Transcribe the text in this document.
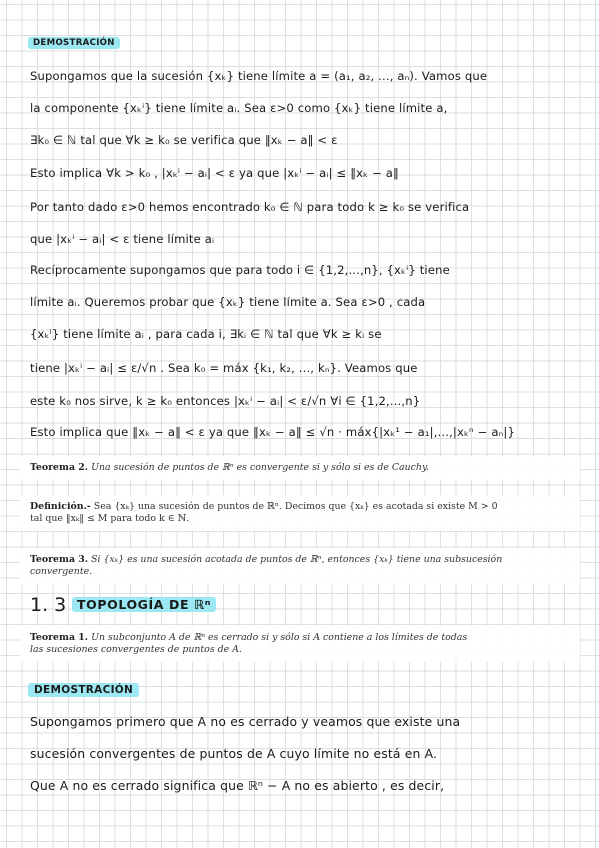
DEMOSTRACIÓN

Supongamos que la sucesión {xₖ} tiene límite a = (a₁, a₂, ..., aₙ). Vamos que

la componente {xₖⁱ} tiene límite aᵢ. Sea ε>0 como {xₖ} tiene límite a,

∃k₀ ∈ ℕ tal que ∀k ≥ k₀ se verifica que ‖xₖ − a‖ < ε

Esto implica ∀k > k₀ , |xₖⁱ − aᵢ| < ε ya que |xₖⁱ − aᵢ| ≤ ‖xₖ − a‖

Por tanto dado ε>0 hemos encontrado k₀ ∈ ℕ para todo k ≥ k₀ se verifica

que |xₖⁱ − aᵢ| < ε tiene límite aᵢ

Recíprocamente supongamos que para todo i ∈ {1,2,...,n}, {xₖⁱ} tiene

límite aᵢ. Queremos probar que {xₖ} tiene límite a. Sea ε>0 , cada

{xₖⁱ} tiene límite aᵢ , para cada i, ∃kᵢ ∈ ℕ tal que ∀k ≥ kᵢ se

tiene |xₖⁱ − aᵢ| ≤ ε/√n . Sea k₀ = máx {k₁, k₂, ..., kₙ}. Veamos que

este k₀ nos sirve, k ≥ k₀ entonces |xₖⁱ − aᵢ| < ε/√n ∀i ∈ {1,2,...,n}

Esto implica que ‖xₖ − a‖ < ε ya que ‖xₖ − a‖ ≤ √n · máx{|xₖ¹ − a₁|,...,|xₖⁿ − aₙ|}

Teorema 2. Una sucesión de puntos de ℝⁿ es convergente si y sólo si es de Cauchy.
Definición.- Sea {xₖ} una sucesión de puntos de ℝⁿ. Decimos que {xₖ} es acotada si existe M > 0
tal que ‖xₖ‖ ≤ M para todo k ∈ ℕ.
Teorema 3. Si {xₖ} es una sucesión acotada de puntos de ℝⁿ, entonces {xₖ} tiene una subsucesión
convergente.
1. 3 TOPOLOGÍA DE ℝⁿ
Teorema 1. Un subconjunto A de ℝⁿ es cerrado si y sólo si A contiene a los límites de todas
las sucesiones convergentes de puntos de A.
DEMOSTRACIÓN

Supongamos primero que A no es cerrado y veamos que existe una

sucesión convergentes de puntos de A cuyo límite no está en A.

Que A no es cerrado significa que ℝⁿ − A no es abierto , es decir,
